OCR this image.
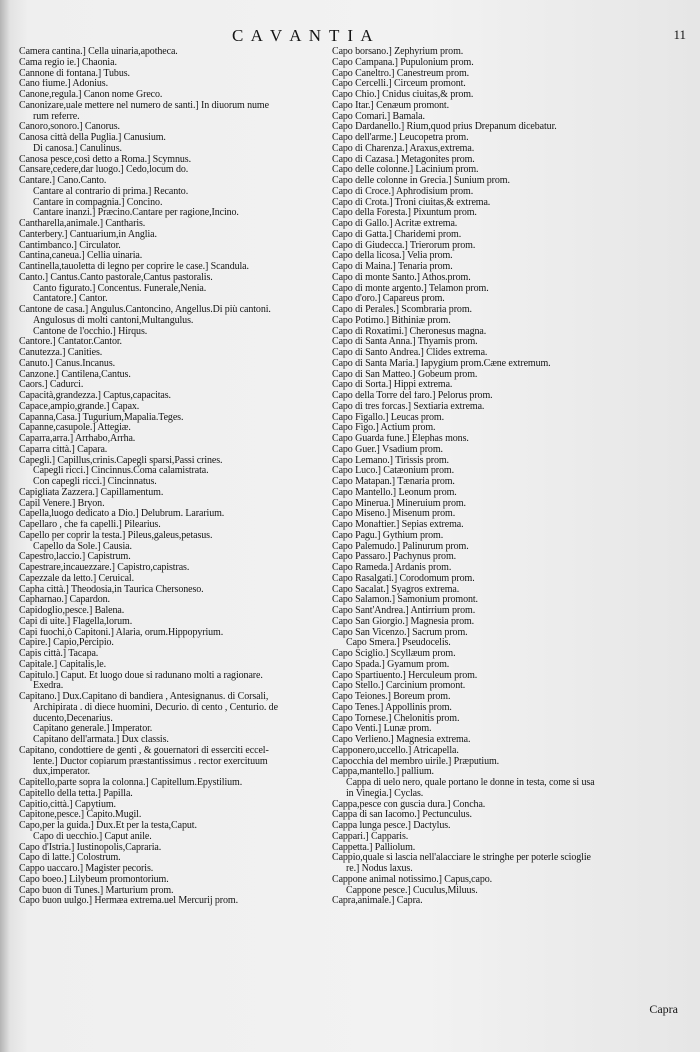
C A V A N T I A	11
Camera cantina.] Cella uinaria,apotheca.
Cama regio ie.] Chaonia.
Cannone di fontana.] Tubus.
Cano fiume.] Adonius.
Canone,regula.] Canon nome Greco.
Canonizare,uale mettere nel numero de santi.] In diuorum nume
rum referre.
Canoro,sonoro.] Canorus.
Canosa città della Puglia.] Canusium.
Di canosa.] Canulinus.
Canosa pesce,così detto a Roma.] Scymnus.
Cansare,cedere,dar luogo.] Cedo,locum do.
Cantare.] Cano.Canto.
Cantare al contrario di prima.] Recanto.
Cantare in compagnia.] Concino.
Cantare inanzi.] Præcino.Cantare per ragione,Incino.
Cantharella,animale.] Cantharis.
Canterbery.] Cantuarium,in Anglia.
Cantimbanco.] Circulator.
Cantina,caneua.] Cellia uinaria.
Cantinella,tauoletta di legno per coprire le case.] Scandula.
Canto.] Cantus.Canto pastorale,Cantus pastoralis.
Canto figurato.] Concentus. Funerale,Nenia.
Cantatore.] Cantor.
Cantone de casa.] Angulus.Cantoncino, Angellus.Di più cantoni.
Angulosus di molti cantoni,Multangulus.
Cantone de l'occhio.] Hirqus.
Cantore.] Cantator.Cantor.
Canutezza.] Canities.
Canuto.] Canus.Incanus.
Canzone.] Cantilena,Cantus.
Caors.] Cadurci.
Capacità,grandezza.] Captus,capacitas.
Capace,ampio,grande.] Capax.
Capanna,Casa.] Tugurium,Mapalia.Teges.
Capanne,casupole.] Attegiæ.
Caparra,arra.] Arrhabo,Arrha.
Caparra città.] Capara.
Capegli.] Capillus,crinis.Capegli sparsi,Passi crines.
Capegli ricci.] Cincinnus.Coma calamistrata.
Con capegli ricci.] Cincinnatus.
Capigliata Zazzera.] Capillamentum.
Capil Venere.] Bryon.
Capella,luogo dedicato a Dio.] Delubrum. Lararium.
Capellaro , che fa capelli.] Pilearius.
Capello per coprir la testa.] Pileus,galeus,petasus.
Capello da Sole.] Causia.
Capestro,laccio.] Capistrum.
Capestrare,incauezzare.] Capistro,capistras.
Capezzale da letto.] Ceruical.
Capha città.] Theodosia,in Taurica Chersoneso.
Capharnao.] Capardon.
Capidoglio,pesce.] Balena.
Capi di uite.] Flagella,lorum.
Capi fuochi,ò Capitoni.] Alaria, orum.Hippopyrium.
Capire.] Capio,Percipio.
Capis città.] Tacapa.
Capitale.] Capitalis,le.
Capitulo.] Caput. Et luogo doue si radunano molti a ragionare.
Exedra.
Capitano.] Dux.Capitano di bandiera , Antesignanus. di Corsali,
Archipirata . di diece huomini, Decurio. di cento , Centurio. de
ducento,Decenarius.
Capitano generale.] Imperator.
Capitano dell'armata.] Dux classis.
Capitano, condottiere de genti , & gouernatori di esserciti eccel-
lente.] Ductor copiarum præstantissimus . rector exercituum
dux,imperator.
Capitello,parte sopra la colonna.] Capitellum.Epystilium.
Capitello della tetta.] Papilla.
Capitio,città.] Capytium.
Capitone,pesce.] Capito.Mugil.
Capo,per la guida.] Dux.Et per la testa,Caput.
Capo di uecchio.] Caput anile.
Capo d'Istria.] Iustinopolis,Capraria.
Capo di latte.] Colostrum.
Cappo uaccaro.] Magister pecoris.
Capo boeo.] Lilybeum promontorium.
Capo buon di Tunes.] Marturium prom.
Capo buon uulgo.] Hermæa extrema.uel Mercurij prom.
Capo borsano.] Zephyrium prom.
Capo Campana.] Pupulonium prom.
Capo Caneltro.] Canestreum prom.
Capo Cercelli.] Circeum promont.
Capo Chio.] Cnidus ciuitas,& prom.
Capo Itar.] Cenæum promont.
Capo Comari.] Bamala.
Capo Dardanello.] Rium,quod prius Drepanum dicebatur.
Capo dell'arme.] Leucopetra prom.
Capo di Charenza.] Araxus,extrema.
Capo di Cazasa.] Metagonites prom.
Capo delle colonne.] Lacinium prom.
Capo delle colonne in Grecia.] Sunium prom.
Capo di Croce.] Aphrodisium prom.
Capo di Crota.] Troni ciuitas,& extrema.
Capo della Foresta.] Pixuntum prom.
Capo di Gallo.] Acritæ extrema.
Capo di Gatta.] Charidemi prom.
Capo di Giudecca.] Trierorum prom.
Capo della licosa.] Velia prom.
Capo di Maina.] Tenaria prom.
Capo di monte Santo.] Athos.prom.
Capo di monte argento.] Telamon prom.
Capo d'oro.] Capareus prom.
Capo di Perales.] Scombraria prom.
Capo Potimo.] Bithiniæ prom.
Capo di Roxatimi.] Cheronesus magna.
Capo di Santa Anna.] Thyamis prom.
Capo di Santo Andrea.] Clides extrema.
Capo di Santa Maria.] Iapygium prom.Cæne extremum.
Capo di San Matteo.] Gobeum prom.
Capo di Sorta.] Hippi extrema.
Capo della Torre del faro.] Pelorus prom.
Capo di tres forcas.] Sextiaria extrema.
Capo Figallo.] Leucas prom.
Capo Figo.] Actium prom.
Capo Guarda fune.] Elephas mons.
Capo Guer.] Vsadium prom.
Capo Lemano.] Tirissis prom.
Capo Luco.] Catæonium prom.
Capo Matapan.] Tænaria prom.
Capo Mantello.] Leonum prom.
Capo Minerua.] Mineruium prom.
Capo Miseno.] Misenum prom.
Capo Monaftier.] Sepias extrema.
Capo Pagu.] Gythium prom.
Capo Palemudo.] Palinurum prom.
Capo Passaro.] Pachynus prom.
Capo Rameda.] Ardanis prom.
Capo Rasalgati.] Corodomum prom.
Capo Sacalat.] Syagros extrema.
Capo Salamon.] Samonium promont.
Capo Sant'Andrea.] Antirrium prom.
Capo San Giorgio.] Magnesia prom.
Capo San Vicenzo.] Sacrum prom.
Capo Smera.] Pseudocelis.
Capo Sciglio.] Scyllæum prom.
Capo Spada.] Gyamum prom.
Capo Spartiuento.] Herculeum prom.
Capo Stello.] Carcinium promont.
Capo Teiones.] Boreum prom.
Capo Tenes.] Appollinis prom.
Capo Tornese.] Chelonitis prom.
Capo Venti.] Lunæ prom.
Capo Verlieno.] Magnesia extrema.
Capponero,uccello.] Atricapella.
Capocchia del membro uirile.] Præputium.
Cappa,mantello.] pallium.
Cappa di uelo nero, quale portano le donne in testa, come si usa
in Vinegia.] Cyclas.
Cappa,pesce con guscia dura.] Concha.
Cappa di san Iacomo.] Pectunculus.
Cappa lunga pesce.] Dactylus.
Cappari.] Capparis.
Cappetta.] Palliolum.
Cappio,quale si lascia nell'alacciare le stringhe per poterle scioglie
re.] Nodus laxus.
Cappone animal notissimo.] Capus,capo.
Cappone pesce.] Cuculus,Miluus.
Capra,animale.] Capra.
Capra
